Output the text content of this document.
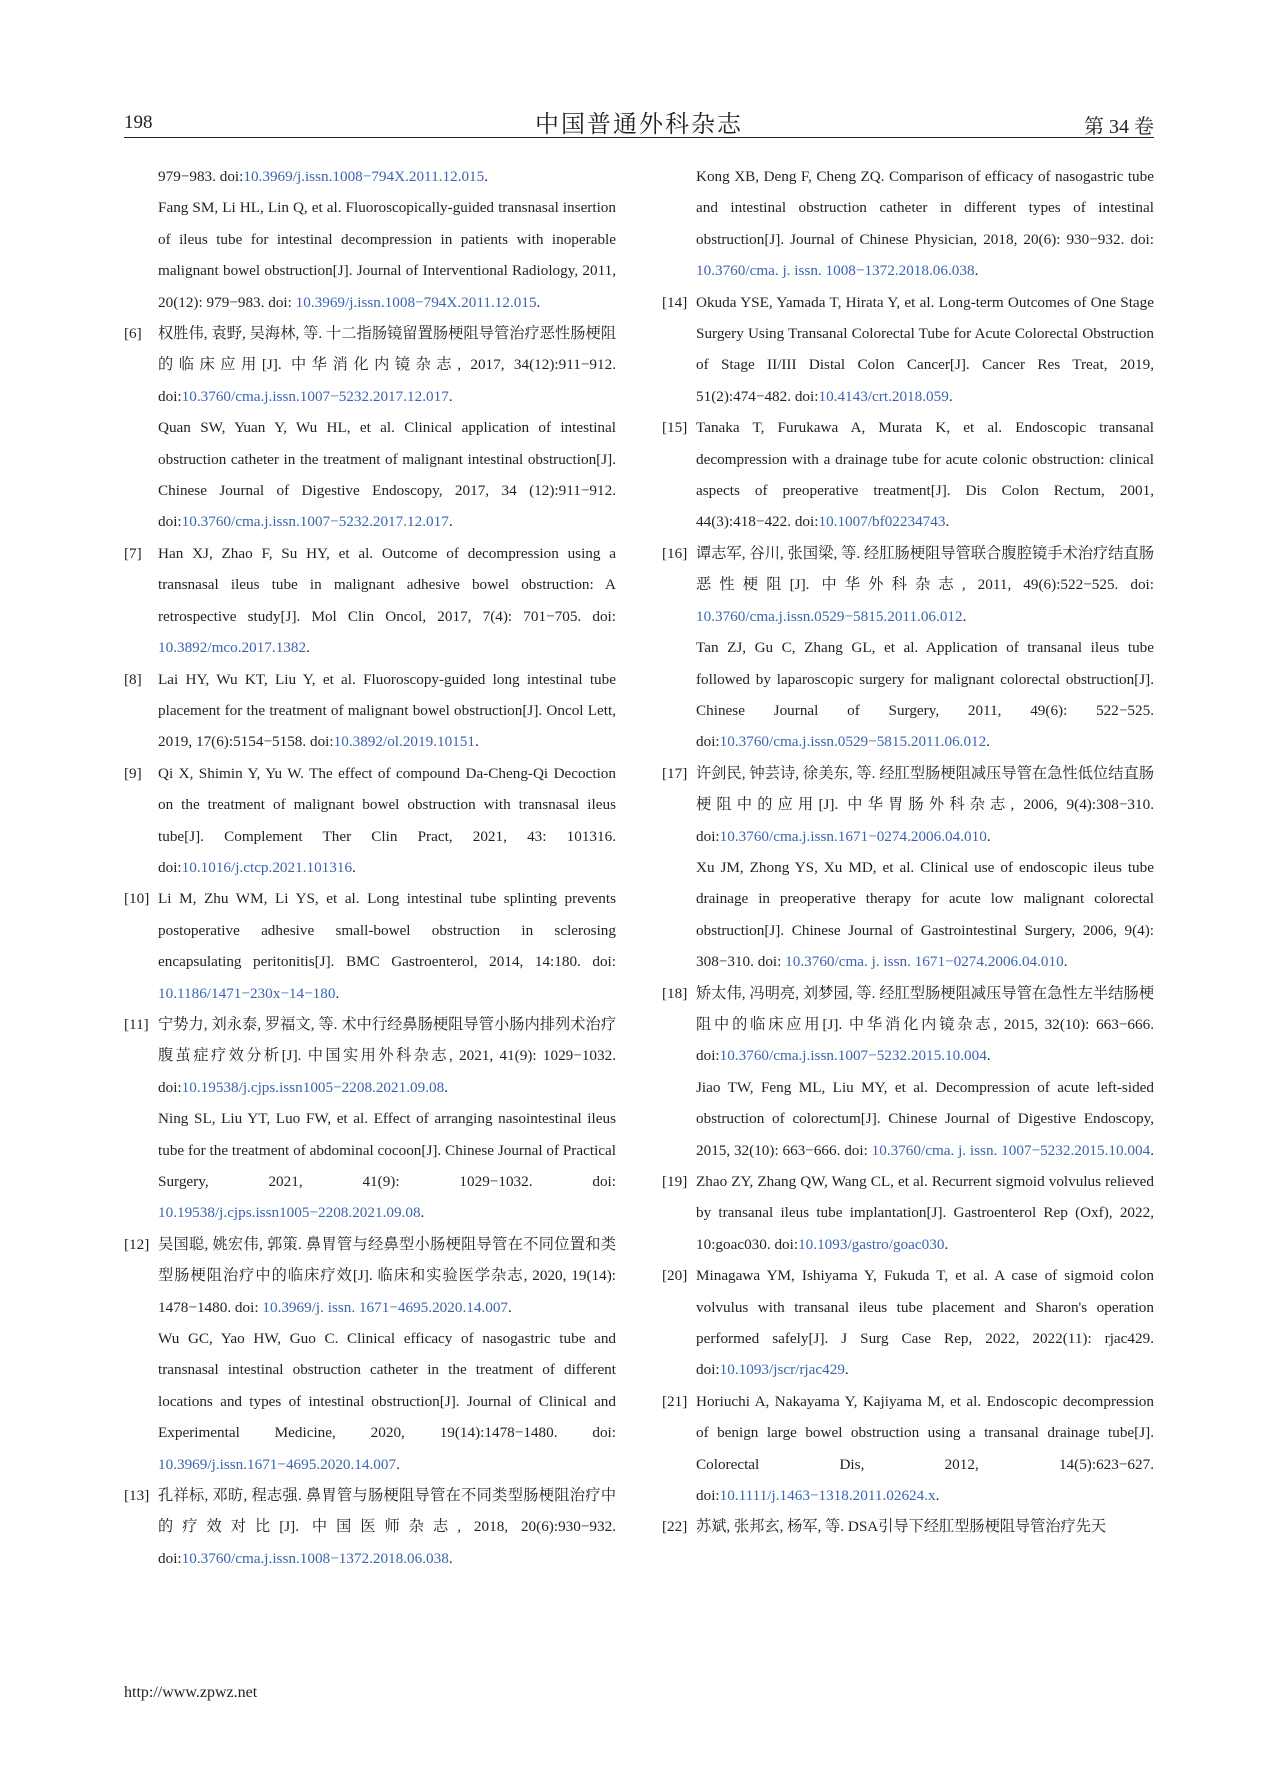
198	中国普通外科杂志	第 34 卷
979−983. doi:10.3969/j.issn.1008−794X.2011.12.015.
Fang SM, Li HL, Lin Q, et al. Fluoroscopically-guided transnasal insertion of ileus tube for intestinal decompression in patients with inoperable malignant bowel obstruction[J]. Journal of Interventional Radiology, 2011, 20(12): 979−983. doi: 10.3969/j.issn.1008−794X.2011.12.015.
[6] 权胜伟, 袁野, 吴海林, 等. 十二指肠镜留置肠梗阻导管治疗恶性肠梗阻的临床应用[J]. 中华消化内镜杂志, 2017, 34(12):911−912. doi:10.3760/cma.j.issn.1007−5232.2017.12.017.
Quan SW, Yuan Y, Wu HL, et al. Clinical application of intestinal obstruction catheter in the treatment of malignant intestinal obstruction[J]. Chinese Journal of Digestive Endoscopy, 2017, 34 (12):911−912. doi:10.3760/cma.j.issn.1007−5232.2017.12.017.
[7] Han XJ, Zhao F, Su HY, et al. Outcome of decompression using a transnasal ileus tube in malignant adhesive bowel obstruction: A retrospective study[J]. Mol Clin Oncol, 2017, 7(4): 701−705. doi: 10.3892/mco.2017.1382.
[8] Lai HY, Wu KT, Liu Y, et al. Fluoroscopy-guided long intestinal tube placement for the treatment of malignant bowel obstruction[J]. Oncol Lett, 2019, 17(6):5154−5158. doi:10.3892/ol.2019.10151.
[9] Qi X, Shimin Y, Yu W. The effect of compound Da-Cheng-Qi Decoction on the treatment of malignant bowel obstruction with transnasal ileus tube[J]. Complement Ther Clin Pract, 2021, 43: 101316. doi:10.1016/j.ctcp.2021.101316.
[10] Li M, Zhu WM, Li YS, et al. Long intestinal tube splinting prevents postoperative adhesive small-bowel obstruction in sclerosing encapsulating peritonitis[J]. BMC Gastroenterol, 2014, 14:180. doi: 10.1186/1471−230x−14−180.
[11] 宁势力, 刘永泰, 罗福文, 等. 术中行经鼻肠梗阻导管小肠内排列术治疗腹茧症疗效分析[J]. 中国实用外科杂志, 2021, 41(9): 1029−1032. doi:10.19538/j.cjps.issn1005−2208.2021.09.08.
Ning SL, Liu YT, Luo FW, et al. Effect of arranging nasointestinal ileus tube for the treatment of abdominal cocoon[J]. Chinese Journal of Practical Surgery, 2021, 41(9): 1029−1032. doi: 10.19538/j.cjps.issn1005−2208.2021.09.08.
[12] 吴国聪, 姚宏伟, 郭策. 鼻胃管与经鼻型小肠梗阻导管在不同位置和类型肠梗阻治疗中的临床疗效[J]. 临床和实验医学杂志, 2020, 19(14): 1478−1480. doi: 10.3969/j. issn. 1671−4695.2020.14.007.
Wu GC, Yao HW, Guo C. Clinical efficacy of nasogastric tube and transnasal intestinal obstruction catheter in the treatment of different locations and types of intestinal obstruction[J]. Journal of Clinical and Experimental Medicine, 2020, 19(14):1478−1480. doi: 10.3969/j.issn.1671−4695.2020.14.007.
[13] 孔祥标, 邓昉, 程志强. 鼻胃管与肠梗阻导管在不同类型肠梗阻治疗中的疗效对比[J]. 中国医师杂志, 2018, 20(6):930−932. doi:10.3760/cma.j.issn.1008−1372.2018.06.038.
Kong XB, Deng F, Cheng ZQ. Comparison of efficacy of nasogastric tube and intestinal obstruction catheter in different types of intestinal obstruction[J]. Journal of Chinese Physician, 2018, 20(6): 930−932. doi: 10.3760/cma. j. issn. 1008−1372.2018.06.038.
[14] Okuda YSE, Yamada T, Hirata Y, et al. Long-term Outcomes of One Stage Surgery Using Transanal Colorectal Tube for Acute Colorectal Obstruction of Stage II/III Distal Colon Cancer[J]. Cancer Res Treat, 2019, 51(2):474−482. doi:10.4143/crt.2018.059.
[15] Tanaka T, Furukawa A, Murata K, et al. Endoscopic transanal decompression with a drainage tube for acute colonic obstruction: clinical aspects of preoperative treatment[J]. Dis Colon Rectum, 2001, 44(3):418−422. doi:10.1007/bf02234743.
[16] 谭志军, 谷川, 张国梁, 等. 经肛肠梗阻导管联合腹腔镜手术治疗结直肠恶性梗阻[J]. 中华外科杂志, 2011, 49(6):522−525. doi: 10.3760/cma.j.issn.0529−5815.2011.06.012.
Tan ZJ, Gu C, Zhang GL, et al. Application of transanal ileus tube followed by laparoscopic surgery for malignant colorectal obstruction[J]. Chinese Journal of Surgery, 2011, 49(6): 522−525. doi:10.3760/cma.j.issn.0529−5815.2011.06.012.
[17] 许剑民, 钟芸诗, 徐美东, 等. 经肛型肠梗阻减压导管在急性低位结直肠梗阻中的应用[J]. 中华胃肠外科杂志, 2006, 9(4):308−310. doi:10.3760/cma.j.issn.1671−0274.2006.04.010.
Xu JM, Zhong YS, Xu MD, et al. Clinical use of endoscopic ileus tube drainage in preoperative therapy for acute low malignant colorectal obstruction[J]. Chinese Journal of Gastrointestinal Surgery, 2006, 9(4): 308−310. doi: 10.3760/cma. j. issn. 1671−0274.2006.04.010.
[18] 矫太伟, 冯明亮, 刘梦园, 等. 经肛型肠梗阻减压导管在急性左半结肠梗阻中的临床应用[J]. 中华消化内镜杂志, 2015, 32(10): 663−666. doi:10.3760/cma.j.issn.1007−5232.2015.10.004.
Jiao TW, Feng ML, Liu MY, et al. Decompression of acute left-sided obstruction of colorectum[J]. Chinese Journal of Digestive Endoscopy, 2015, 32(10): 663−666. doi: 10.3760/cma. j. issn. 1007−5232.2015.10.004.
[19] Zhao ZY, Zhang QW, Wang CL, et al. Recurrent sigmoid volvulus relieved by transanal ileus tube implantation[J]. Gastroenterol Rep (Oxf), 2022, 10:goac030. doi:10.1093/gastro/goac030.
[20] Minagawa YM, Ishiyama Y, Fukuda T, et al. A case of sigmoid colon volvulus with transanal ileus tube placement and Sharon's operation performed safely[J]. J Surg Case Rep, 2022, 2022(11): rjac429. doi:10.1093/jscr/rjac429.
[21] Horiuchi A, Nakayama Y, Kajiyama M, et al. Endoscopic decompression of benign large bowel obstruction using a transanal drainage tube[J]. Colorectal Dis, 2012, 14(5):623−627. doi:10.1111/j.1463−1318.2011.02624.x.
[22] 苏斌, 张邦玄, 杨军, 等. DSA引导下经肛型肠梗阻导管治疗先天
http://www.zpwz.net
